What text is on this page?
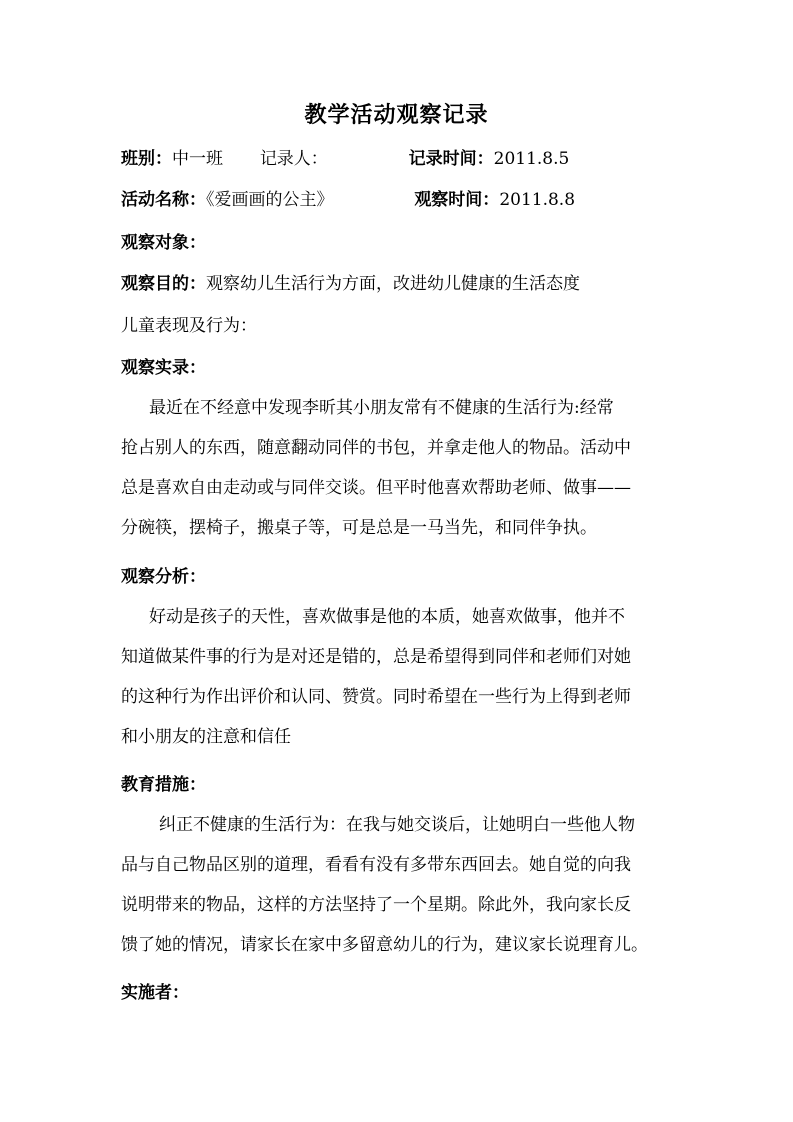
教学活动观察记录
班别：中一班 记录人：	记录时间：2011.8.5
活动名称：《爱画画的公主》	观察时间：2011.8.8
观察对象：
观察目的：观察幼儿生活行为方面，改进幼儿健康的生活态度
儿童表现及行为：
观察实录：

最近在不经意中发现李昕其小朋友常有不健康的生活行为:经常

抢占别人的东西，随意翻动同伴的书包，并拿走他人的物品。活动中

总是喜欢自由走动或与同伴交谈。但平时他喜欢帮助老师、做事——

分碗筷，摆椅子，搬桌子等，可是总是一马当先，和同伴争执。

观察分析：

好动是孩子的天性，喜欢做事是他的本质，她喜欢做事，他并不

知道做某件事的行为是对还是错的，总是希望得到同伴和老师们对她

的这种行为作出评价和认同、赞赏。同时希望在一些行为上得到老师

和小朋友的注意和信任

教育措施：

纠正不健康的生活行为：在我与她交谈后，让她明白一些他人物

品与自己物品区别的道理，看看有没有多带东西回去。她自觉的向我

说明带来的物品，这样的方法坚持了一个星期。除此外，我向家长反

馈了她的情况，请家长在家中多留意幼儿的行为，建议家长说理育儿。

实施者：
